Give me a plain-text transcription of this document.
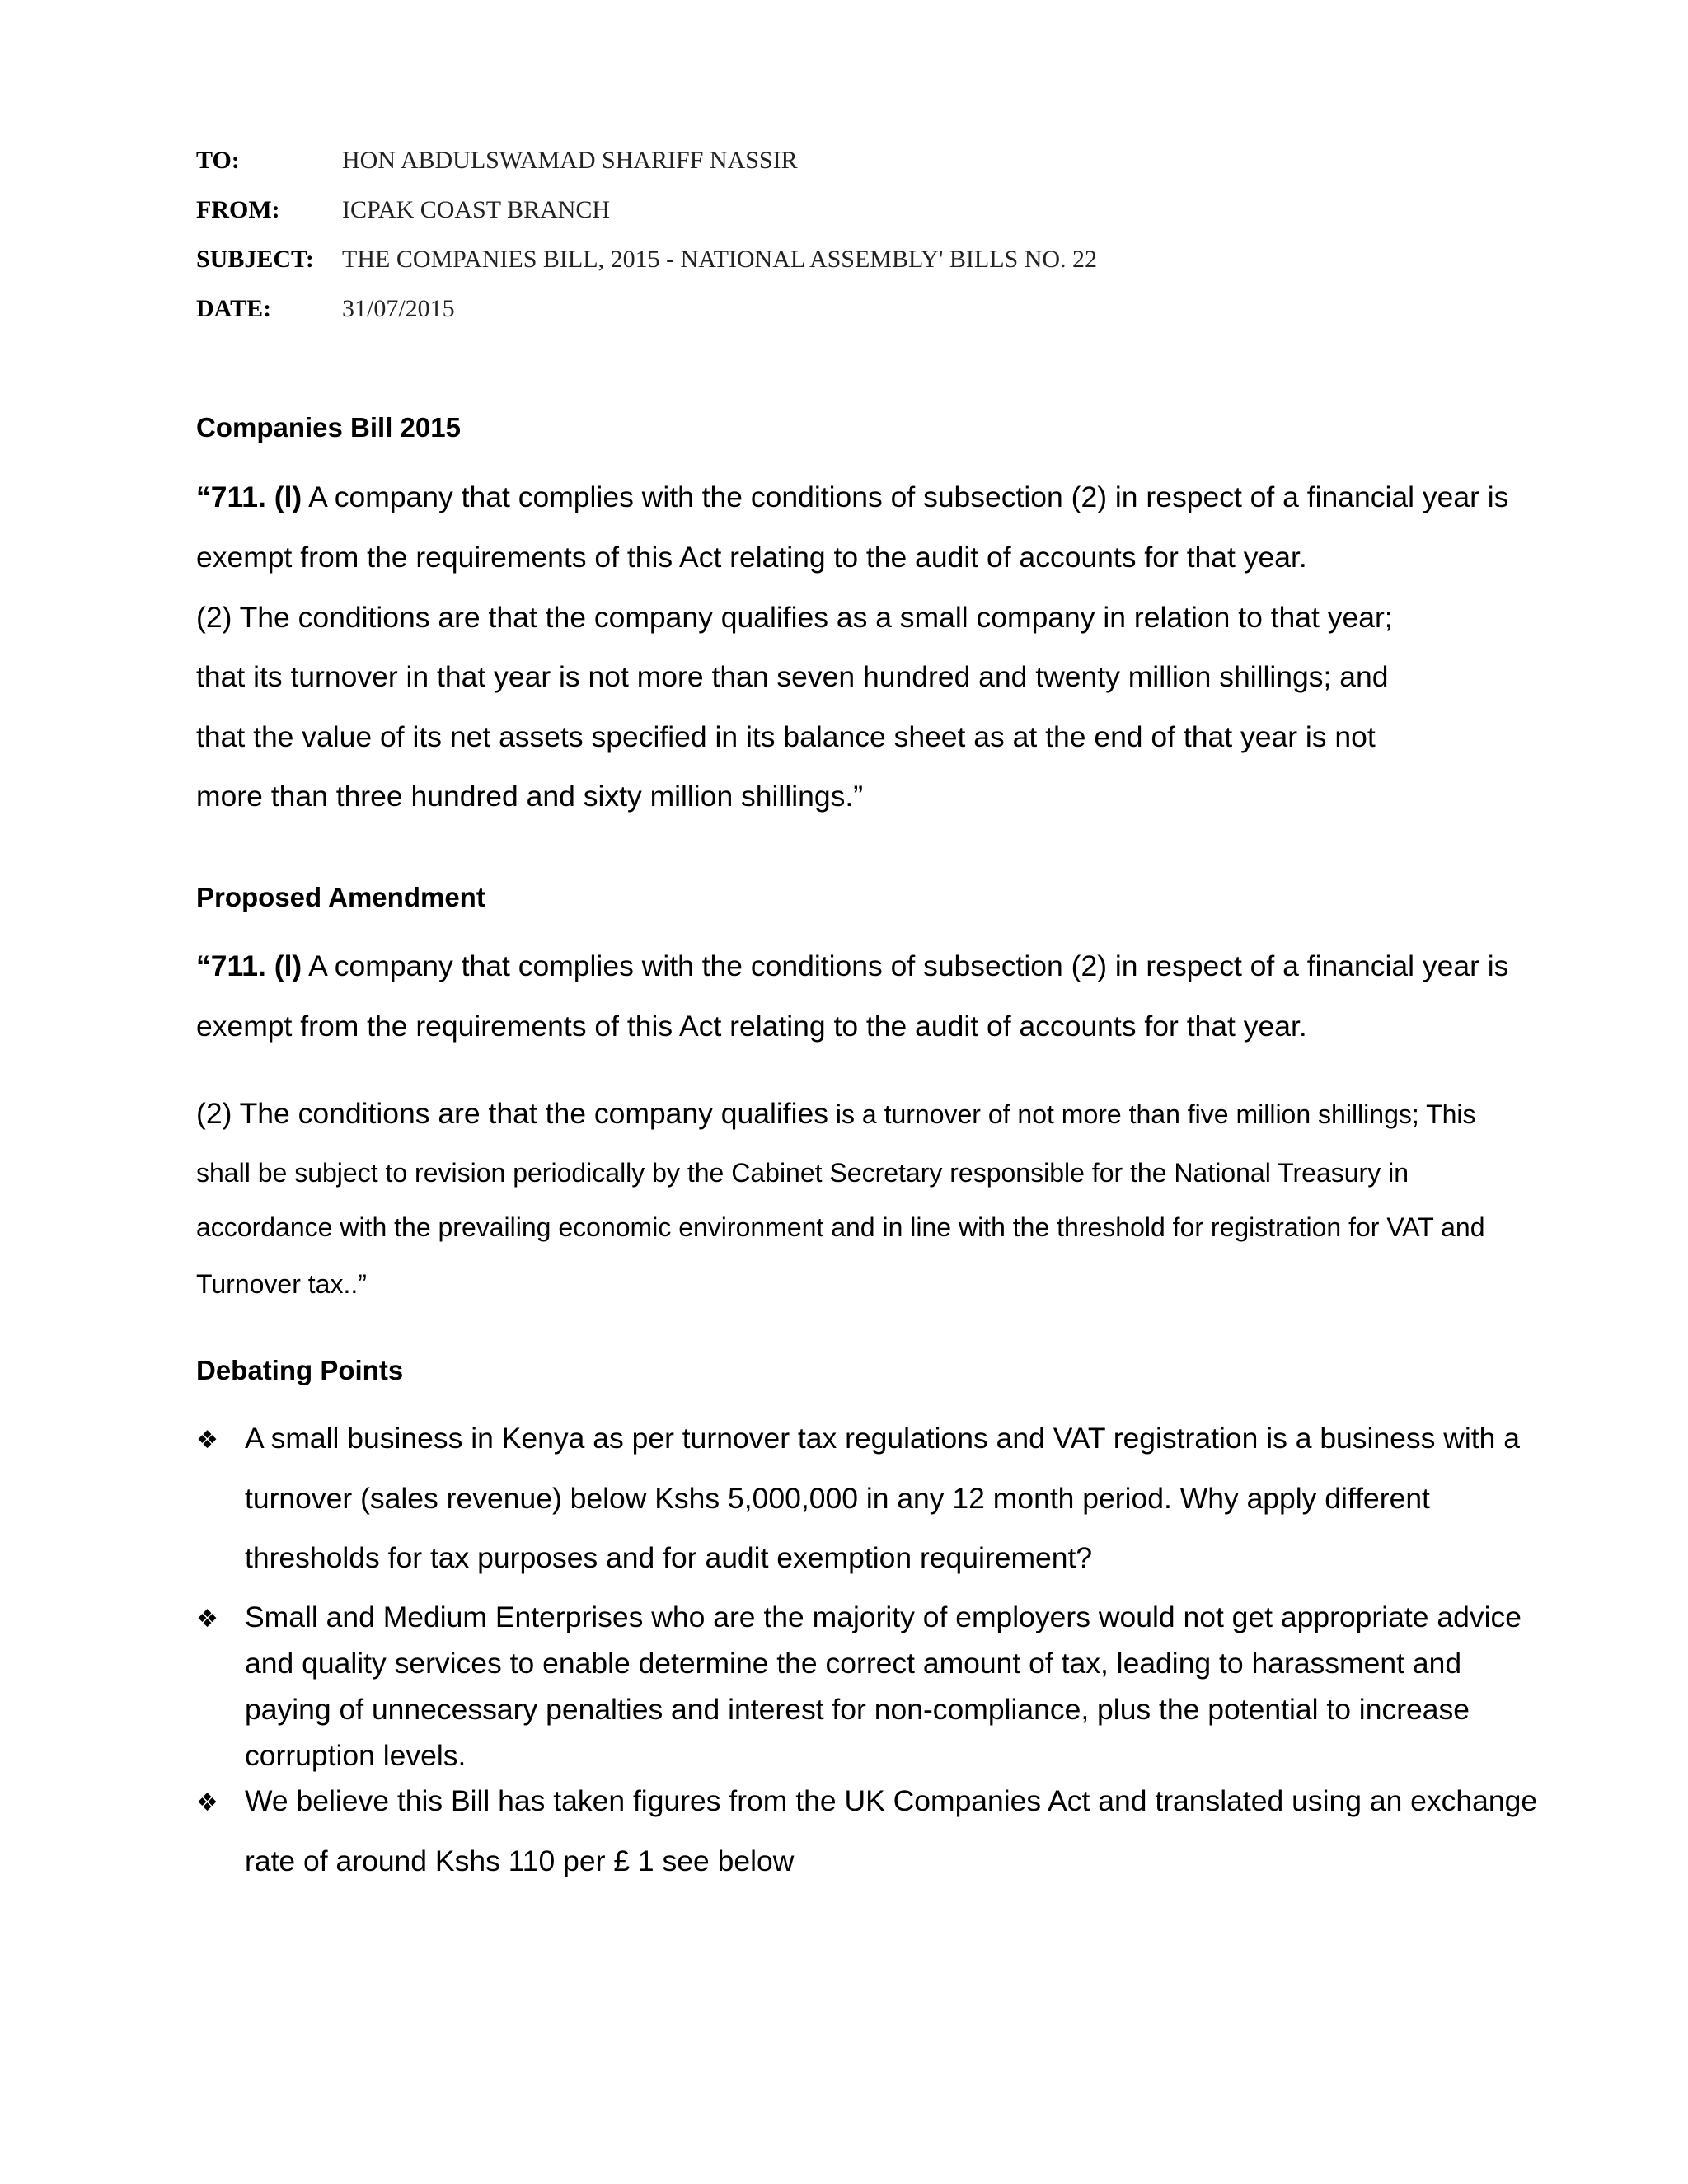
TO:	HON ABDULSWAMAD SHARIFF NASSIR
FROM:	ICPAK COAST BRANCH
SUBJECT: THE COMPANIES BILL, 2015 - NATIONAL ASSEMBLY' BILLS NO. 22
DATE:	31/07/2015
Companies Bill 2015
“711. (l) A company that complies with the conditions of subsection (2) in respect of a financial year is
exempt from the requirements of this Act relating to the audit of accounts for that year.
(2) The conditions are that the company qualifies as a small company in relation to that year;
that its turnover in that year is not more than seven hundred and twenty million shillings; and
that the value of its net assets specified in its balance sheet as at the end of that year is not
more than three hundred and sixty million shillings.”
Proposed Amendment
“711. (l) A company that complies with the conditions of subsection (2) in respect of a financial year is
exempt from the requirements of this Act relating to the audit of accounts for that year.
(2) The conditions are that the company qualifies is a turnover of not more than five million shillings; This
shall be subject to revision periodically by the Cabinet Secretary responsible for the National Treasury in
accordance with the prevailing economic environment and in line with the threshold for registration for VAT and
Turnover tax..”
Debating Points
❖ A small business in Kenya as per turnover tax regulations and VAT registration is a business with a
turnover (sales revenue) below Kshs 5,000,000 in any 12 month period. Why apply different
thresholds for tax purposes and for audit exemption requirement?
❖ Small and Medium Enterprises who are the majority of employers would not get appropriate advice
and quality services to enable determine the correct amount of tax, leading to harassment and
paying of unnecessary penalties and interest for non-compliance, plus the potential to increase
corruption levels.
❖ We believe this Bill has taken figures from the UK Companies Act and translated using an exchange
rate of around Kshs 110 per £ 1 see below
